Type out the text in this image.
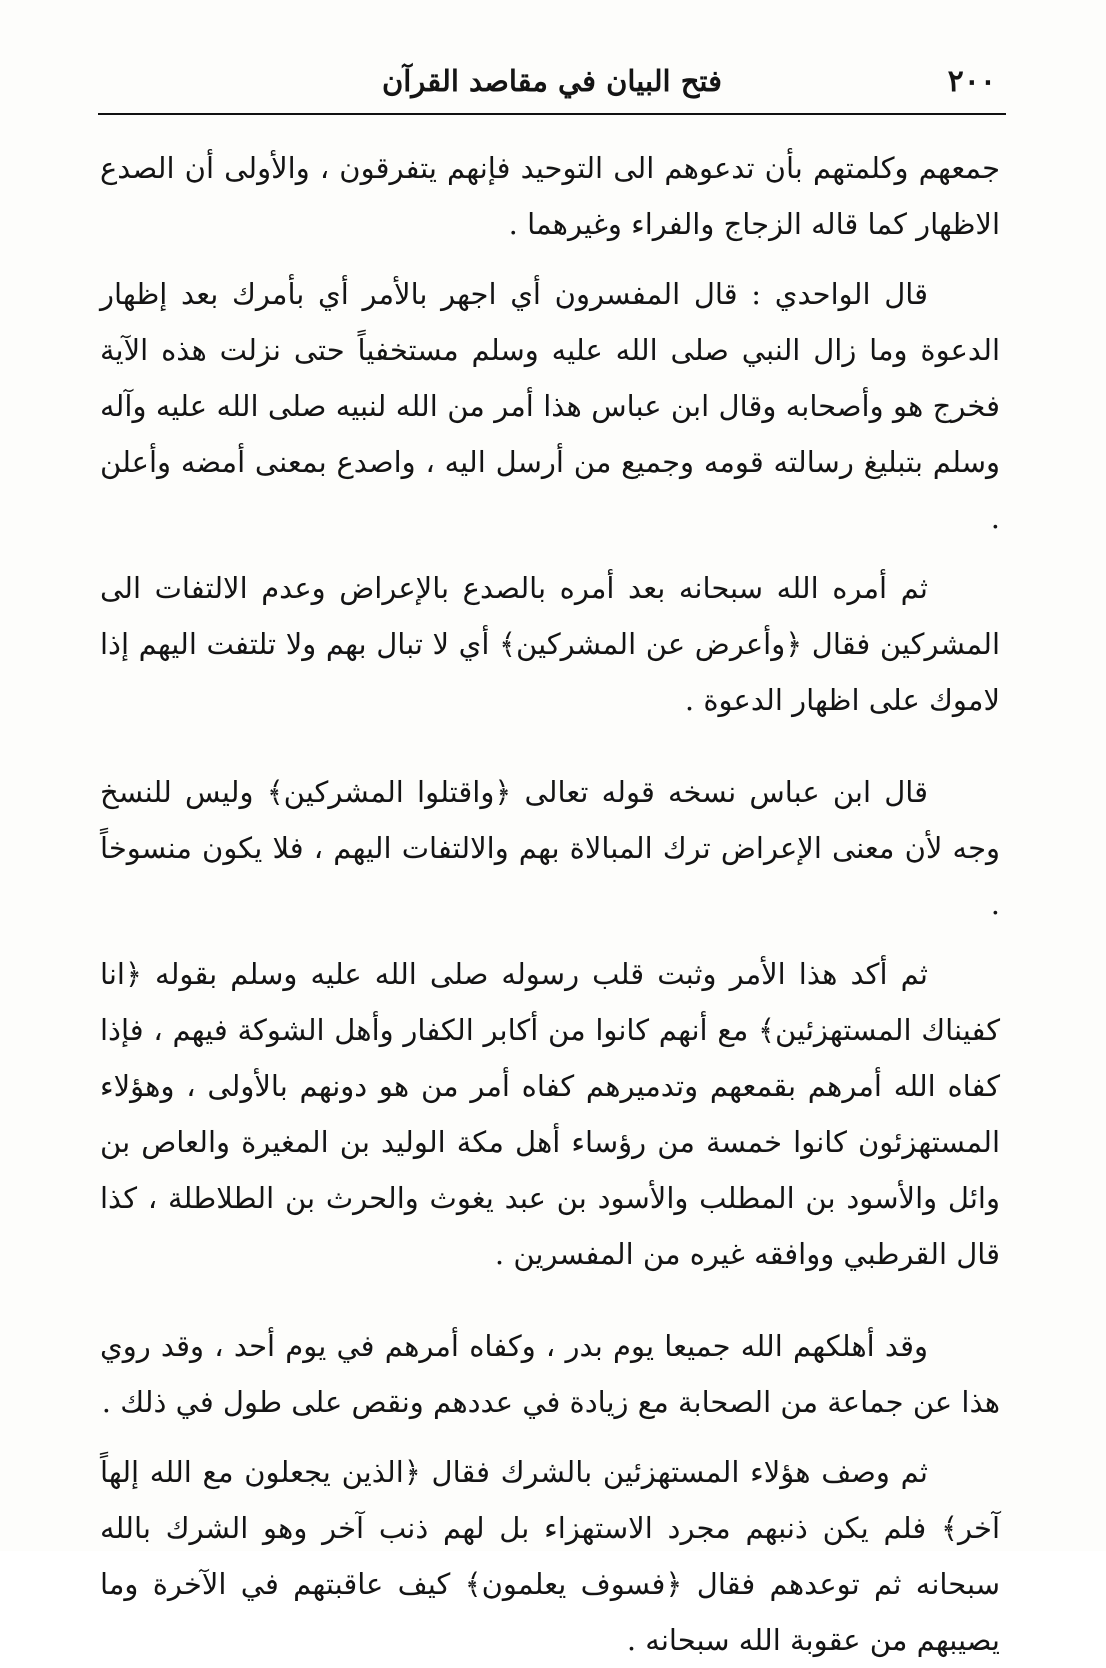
٢٠٠
فتح البيان في مقاصد القرآن

جمعهم وكلمتهم بأن تدعوهم الى التوحيد فإنهم يتفرقون ، والأولى أن الصدع الاظهار كما قاله الزجاج والفراء وغيرهما .

قال الواحدي : قال المفسرون أي اجهر بالأمر أي بأمرك بعد إظهار الدعوة وما زال النبي صلى الله عليه وسلم مستخفياً حتى نزلت هذه الآية فخرج هو وأصحابه وقال ابن عباس هذا أمر من الله لنبيه صلى الله عليه وآله وسلم بتبليغ رسالته قومه وجميع من أرسل اليه ، واصدع بمعنى أمضه وأعلن .

ثم أمره الله سبحانه بعد أمره بالصدع بالإعراض وعدم الالتفات الى المشركين فقال ﴿وأعرض عن المشركين﴾ أي لا تبال بهم ولا تلتفت اليهم إذا لاموك على اظهار الدعوة .

قال ابن عباس نسخه قوله تعالى ﴿واقتلوا المشركين﴾ وليس للنسخ وجه لأن معنى الإعراض ترك المبالاة بهم والالتفات اليهم ، فلا يكون منسوخاً .

ثم أكد هذا الأمر وثبت قلب رسوله صلى الله عليه وسلم بقوله ﴿انا كفيناك المستهزئين﴾ مع أنهم كانوا من أكابر الكفار وأهل الشوكة فيهم ، فإذا كفاه الله أمرهم بقمعهم وتدميرهم كفاه أمر من هو دونهم بالأولى ، وهؤلاء المستهزئون كانوا خمسة من رؤساء أهل مكة الوليد بن المغيرة والعاص بن وائل والأسود بن المطلب والأسود بن عبد يغوث والحرث بن الطلاطلة ، كذا قال القرطبي ووافقه غيره من المفسرين .

وقد أهلكهم الله جميعا يوم بدر ، وكفاه أمرهم في يوم أحد ، وقد روي هذا عن جماعة من الصحابة مع زيادة في عددهم ونقص على طول في ذلك .

ثم وصف هؤلاء المستهزئين بالشرك فقال ﴿الذين يجعلون مع الله إلهاً آخر﴾ فلم يكن ذنبهم مجرد الاستهزاء بل لهم ذنب آخر وهو الشرك بالله سبحانه ثم توعدهم فقال ﴿فسوف يعلمون﴾ كيف عاقبتهم في الآخرة وما يصيبهم من عقوبة الله سبحانه .
